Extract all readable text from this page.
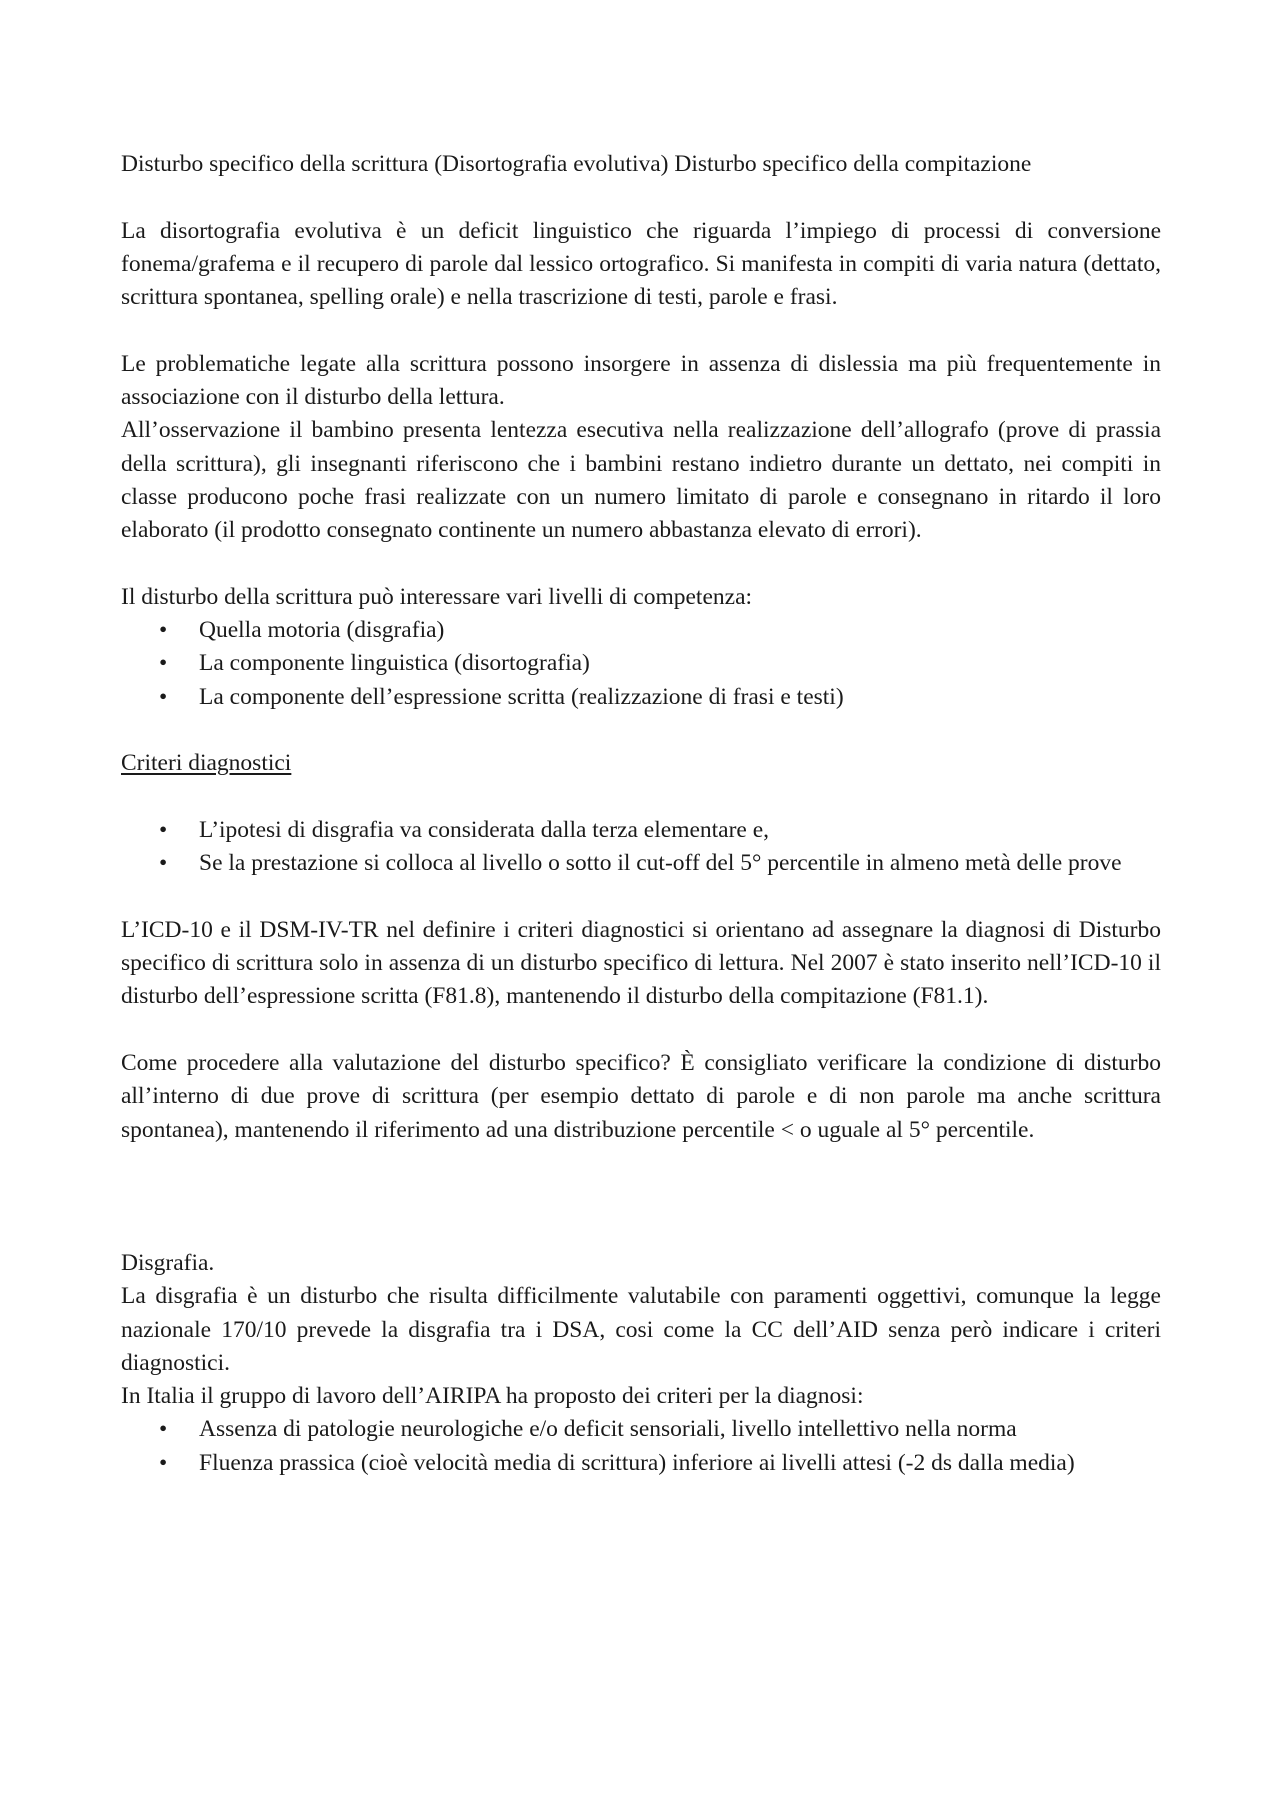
Disturbo specifico della scrittura (Disortografia evolutiva) Disturbo specifico della compitazione

La disortografia evolutiva è un deficit linguistico che riguarda l’impiego di processi di conversione fonema/grafema e il recupero di parole dal lessico ortografico. Si manifesta in compiti di varia natura (dettato, scrittura spontanea, spelling orale) e nella trascrizione di testi, parole e frasi.

Le problematiche legate alla scrittura possono insorgere in assenza di dislessia ma più frequentemente in associazione con il disturbo della lettura.

All’osservazione il bambino presenta lentezza esecutiva nella realizzazione dell’allografo (prove di prassia della scrittura), gli insegnanti riferiscono che i bambini restano indietro durante un dettato, nei compiti in classe producono poche frasi realizzate con un numero limitato di parole e consegnano in ritardo il loro elaborato (il prodotto consegnato continente un numero abbastanza elevato di errori).

Il disturbo della scrittura può interessare vari livelli di competenza:

• Quella motoria (disgrafia)
• La componente linguistica (disortografia)
• La componente dell’espressione scritta (realizzazione di frasi e testi)

Criteri diagnostici

• L’ipotesi di disgrafia va considerata dalla terza elementare e,
• Se la prestazione si colloca al livello o sotto il cut-off del 5° percentile in almeno metà delle prove

L’ICD-10 e il DSM-IV-TR nel definire i criteri diagnostici si orientano ad assegnare la diagnosi di Disturbo specifico di scrittura solo in assenza di un disturbo specifico di lettura. Nel 2007 è stato inserito nell’ICD-10 il disturbo dell’espressione scritta (F81.8), mantenendo il disturbo della compitazione (F81.1).

Come procedere alla valutazione del disturbo specifico? È consigliato verificare la condizione di disturbo all’interno di due prove di scrittura (per esempio dettato di parole e di non parole ma anche scrittura spontanea), mantenendo il riferimento ad una distribuzione percentile < o uguale al 5° percentile.

Disgrafia.

La disgrafia è un disturbo che risulta difficilmente valutabile con paramenti oggettivi, comunque la legge nazionale 170/10 prevede la disgrafia tra i DSA, cosi come la CC dell’AID senza però indicare i criteri diagnostici.

In Italia il gruppo di lavoro dell’AIRIPA ha proposto dei criteri per la diagnosi:

• Assenza di patologie neurologiche e/o deficit sensoriali, livello intellettivo nella norma
• Fluenza prassica (cioè velocità media di scrittura) inferiore ai livelli attesi (-2 ds dalla media)
